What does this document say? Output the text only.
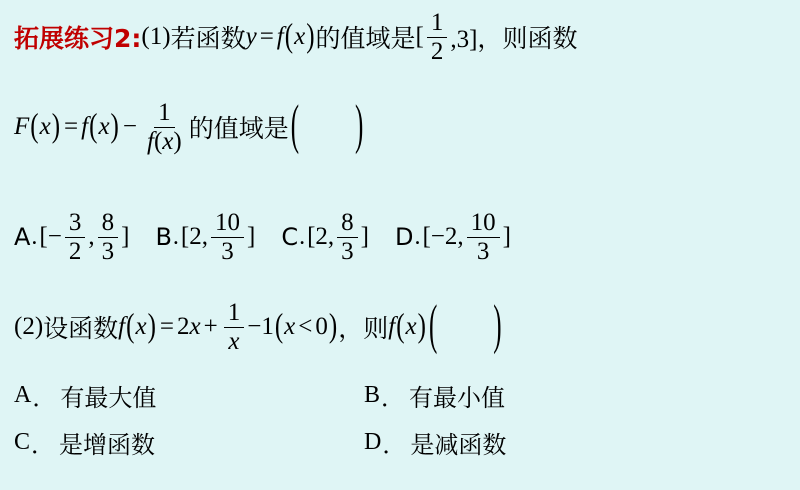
拓展练习2: (1) 若函数 y = f ( x ) 的值域是 [ $\frac{1}{2} ,3$]， 则函数
F ( x ) = f ( x ) − $\frac{1}{f ( x )}$ 的值域是 ( )
A . [− $\frac{3}{2}$ , $\frac{8}{3}$ ] B . [2, $\frac{10}{3}$ ] C . [2, $\frac{8}{3}$ ] D . [−2, $\frac{10}{3}$ ]
(2) 设函数 f ( x ) = 2 $x + \frac{1}{x} -1$ ( x < 0 ) ， 则 f ( x ) ( )
A ． 有最大值	B ． 有最小值
C ． 是增函数	D ． 是减函数
